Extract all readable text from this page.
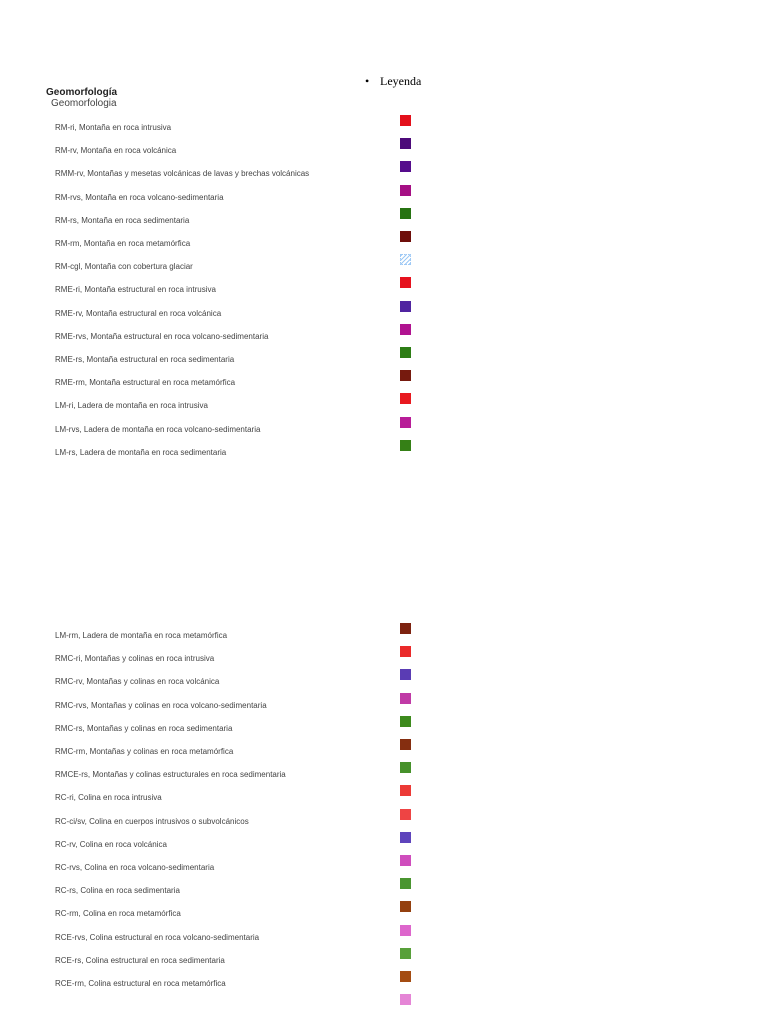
• Leyenda
Geomorfología
Geomorfologia
RM-ri, Montaña en roca intrusiva
RM-rv, Montaña en roca volcánica
RMM-rv, Montañas y mesetas volcánicas de lavas y brechas volcánicas
RM-rvs, Montaña en roca volcano-sedimentaria
RM-rs, Montaña en roca sedimentaria
RM-rm, Montaña en roca metamórfica
RM-cgl, Montaña con cobertura glaciar
RME-ri, Montaña estructural en roca intrusiva
RME-rv, Montaña estructural en roca volcánica
RME-rvs, Montaña estructural en roca volcano-sedimentaria
RME-rs, Montaña estructural en roca sedimentaria
RME-rm, Montaña estructural en roca metamórfica
LM-ri, Ladera de montaña en roca intrusiva
LM-rvs, Ladera de montaña en roca volcano-sedimentaria
LM-rs, Ladera de montaña en roca sedimentaria
LM-rm, Ladera de montaña en roca metamórfica
RMC-ri, Montañas y colinas en roca intrusiva
RMC-rv, Montañas y colinas en roca volcánica
RMC-rvs, Montañas y colinas en roca volcano-sedimentaria
RMC-rs, Montañas y colinas en roca sedimentaria
RMC-rm, Montañas y colinas en roca metamórfica
RMCE-rs, Montañas y colinas estructurales en roca sedimentaria
RC-ri, Colina en roca intrusiva
RC-ci/sv, Colina en cuerpos intrusivos o subvolcánicos
RC-rv, Colina en roca volcánica
RC-rvs, Colina en roca volcano-sedimentaria
RC-rs, Colina en roca sedimentaria
RC-rm, Colina en roca metamórfica
RCE-rvs, Colina estructural en roca volcano-sedimentaria
RCE-rs, Colina estructural en roca sedimentaria
RCE-rm, Colina estructural en roca metamórfica
